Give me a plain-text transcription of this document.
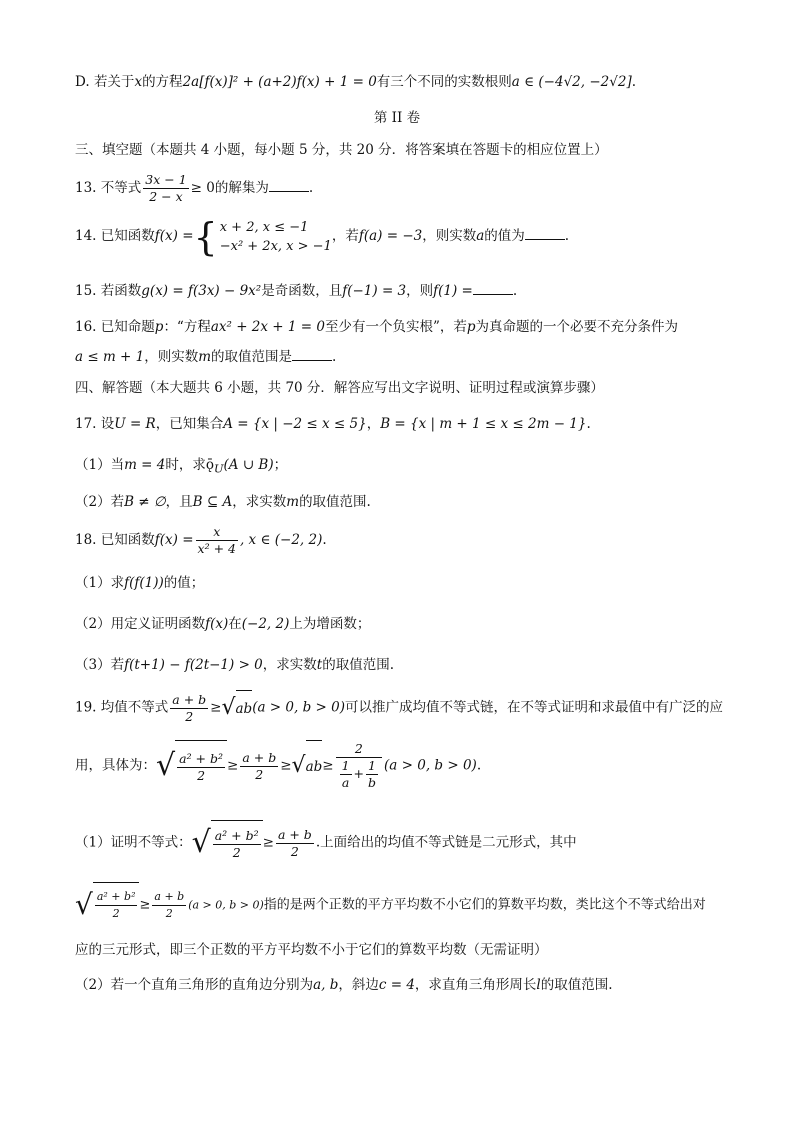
D. 若关于x的方程2a[f(x)]² + (a+2)f(x) + 1 = 0有三个不同的实数根则a ∈ (−4√2, −2√2].
第 II 卷
三、填空题（本题共 4 小题，每小题 5 分，共 20 分．将答案填在答题卡的相应位置上）
13. 不等式 $\frac{3x - 1}{2 - x} \ge 0$的解集为	.
14. 已知函数f(x) ={ x + 2, x ≤ −1
−x² + 2x, x > −1
，若f(a) = −3，则实数a的值为	.
15. 若函数g(x) = f(3x) − 9x²是奇函数，且f(−1) = 3，则f(1) =	.
16. 已知命题p：“方程ax² + 2x + 1 = 0至少有一个负实根”，若p为真命题的一个必要不充分条件为
a ≤ m + 1，则实数m的取值范围是	.
四、解答题（本大题共 6 小题，共 70 分．解答应写出文字说明、证明过程或演算步骤）
17. 设U = R，已知集合A = {x | −2 ≤ x ≤ 5}，B = {x | m + 1 ≤ x ≤ 2m − 1}.
（1）当m = 4时，求$ǭ_U(A$ ∪ B)；
（2）若B ≠ ∅，且B ⊆ A，求实数m的取值范围.
18. 已知函数$f(x) = \frac{x}{\text{x² + 4}}$ , x ∈ (−2, 2).
（1）求f(f(1))的值；
（2）用定义证明函数f(x)在(−2, 2)上为增函数；
（3）若f(t+1) − f(2t−1) > 0，求实数t的取值范围.
19. 均值不等式 $\frac{a + b}{2} \ge√ab(a > 0$, b > 0)可以推广成均值不等式链，在不等式证明和求最值中有广泛的应
用，具体为：√ $\frac{\text{a² + b²}}{2} \ge \frac{a + b}{2} \ge√ab\ge \frac{2}{\frac{1}{a} + \frac{1}{b}} (a > 0$, b > 0).
（1）证明不等式：√ $\frac{\text{a² + b²}}{2} \ge \frac{a + b}{2}$ .上面给出的均值不等式链是二元形式，其中
√ $\frac{\text{a² + b²}}{2} \ge \frac{a + b}{2} (a > 0$, b > 0)指的是两个正数的平方平均数不小它们的算数平均数，类比这个不等式给出对
应的三元形式，即三个正数的平方平均数不小于它们的算数平均数（无需证明）
（2）若一个直角三角形的直角边分别为a, b，斜边c = 4，求直角三角形周长l的取值范围.
